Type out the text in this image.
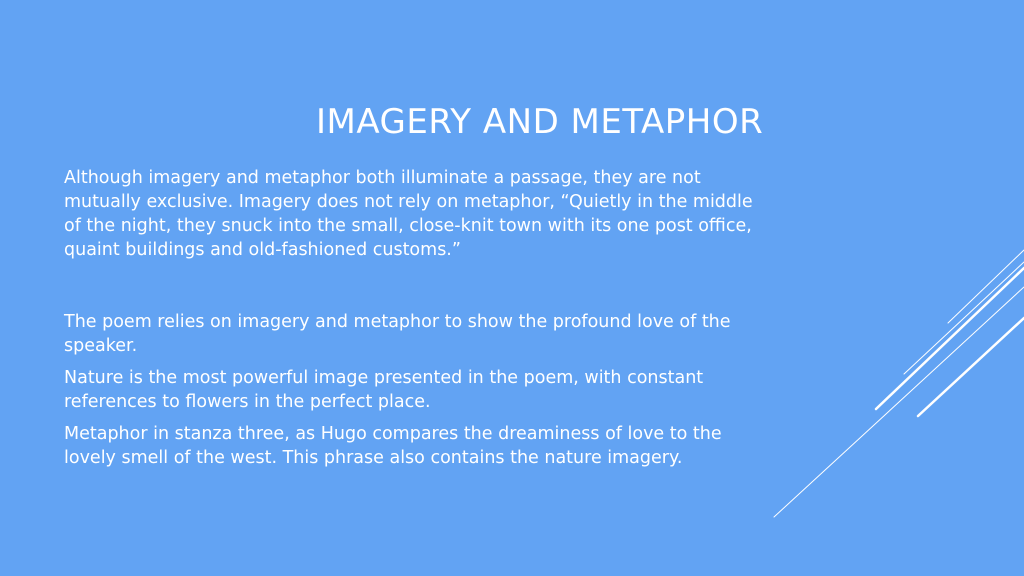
IMAGERY AND METAPHOR

Although imagery and metaphor both illuminate a passage, they are not mutually exclusive. Imagery does not rely on metaphor, “Quietly in the middle of the night, they snuck into the small, close-knit town with its one post office, quaint buildings and old-fashioned customs.”

The poem relies on imagery and metaphor to show the profound love of the speaker.

Nature is the most powerful image presented in the poem, with constant references to flowers in the perfect place.

Metaphor in stanza three, as Hugo compares the dreaminess of love to the lovely smell of the west. This phrase also contains the nature imagery.
